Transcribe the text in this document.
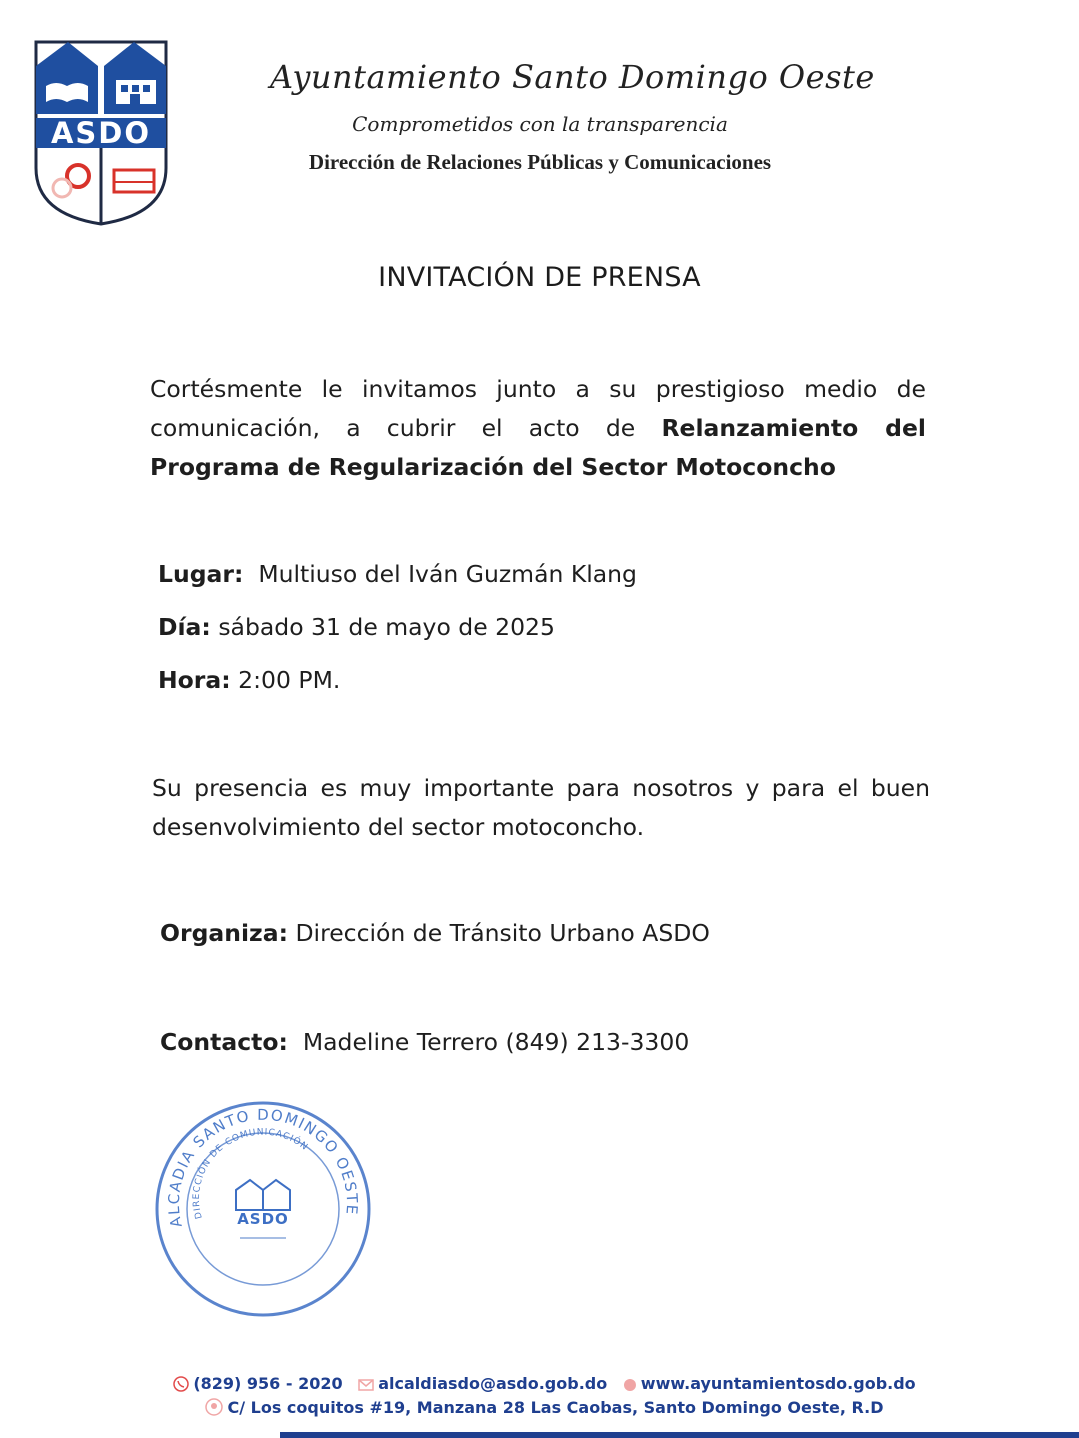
ASDO
Ayuntamiento Santo Domingo Oeste
Comprometidos con la transparencia
Dirección de Relaciones Públicas y Comunicaciones
INVITACIÓN DE PRENSA
Cortésmente le invitamos junto a su prestigioso medio de comunicación, a cubrir el acto de Relanzamiento del Programa de Regularización del Sector Motoconcho
Lugar: Multiuso del Iván Guzmán Klang
Día: sábado 31 de mayo de 2025
Hora: 2:00 PM.
Su presencia es muy importante para nosotros y para el buen desenvolvimiento del sector motoconcho.
Organiza: Dirección de Tránsito Urbano ASDO
Contacto: Madeline Terrero (849) 213-3300
ALCADIA SANTO DOMINGO OESTE
DIRECCIÓN DE COMUNICACIÓN
ASDO
(829) 956 - 2020 alcaldiasdo@asdo.gob.do www.ayuntamientosdo.gob.do
C/ Los coquitos #19, Manzana 28 Las Caobas, Santo Domingo Oeste, R.D
